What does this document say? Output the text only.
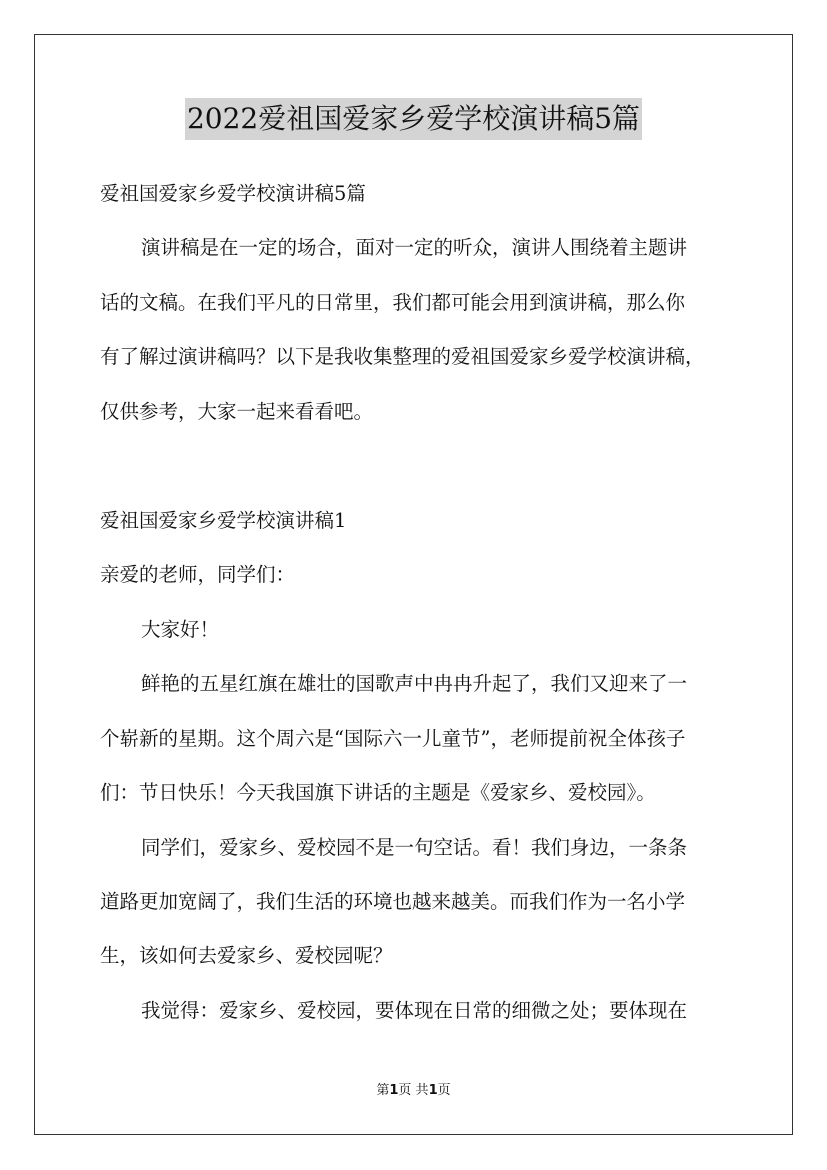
2022爱祖国爱家乡爱学校演讲稿5篇
爱祖国爱家乡爱学校演讲稿5篇
演讲稿是在一定的场合，面对一定的听众，演讲人围绕着主题讲
话的文稿。在我们平凡的日常里，我们都可能会用到演讲稿，那么你
有了解过演讲稿吗？以下是我收集整理的爱祖国爱家乡爱学校演讲稿，
仅供参考，大家一起来看看吧。
爱祖国爱家乡爱学校演讲稿1
亲爱的老师，同学们：
大家好！
鲜艳的五星红旗在雄壮的国歌声中冉冉升起了，我们又迎来了一
个崭新的星期。这个周六是“国际六一儿童节”，老师提前祝全体孩子
们：节日快乐！今天我国旗下讲话的主题是《爱家乡、爱校园》。
同学们，爱家乡、爱校园不是一句空话。看！我们身边，一条条
道路更加宽阔了，我们生活的环境也越来越美。而我们作为一名小学
生，该如何去爱家乡、爱校园呢？
我觉得：爱家乡、爱校园，要体现在日常的细微之处；要体现在
第1页 共1页
